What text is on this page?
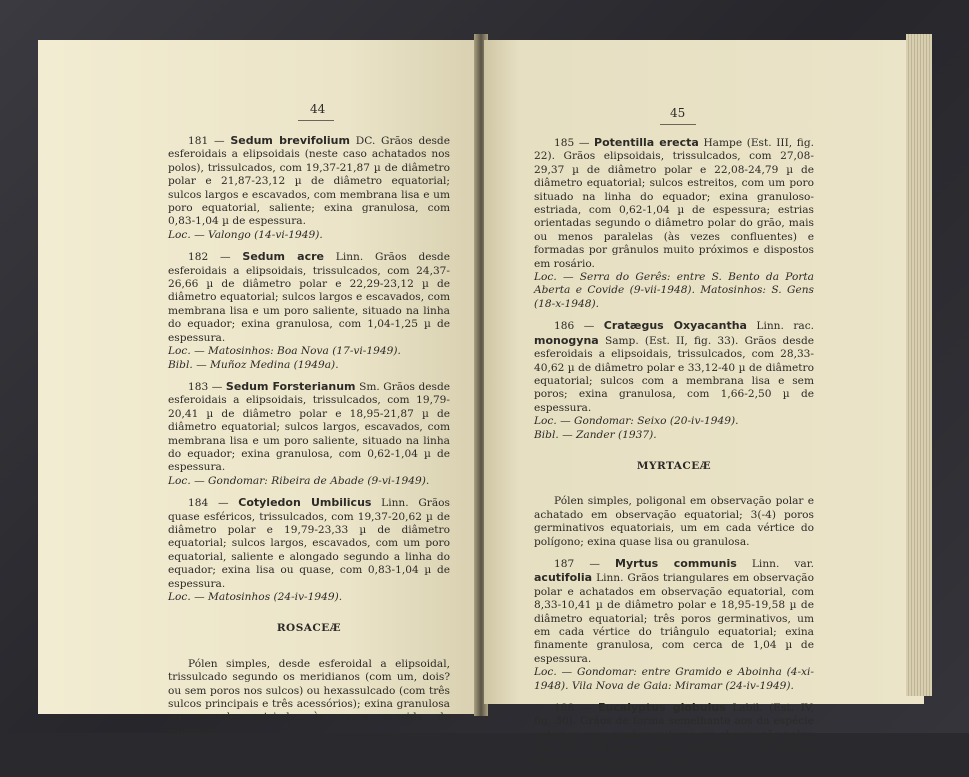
44

181 — Sedum brevifolium DC. Grãos desde esferoidais a elipsoidais (neste caso achatados nos polos), trissulcados, com 19,37-21,87 µ de diâmetro polar e 21,87-23,12 µ de diâmetro equatorial; sulcos largos e escavados, com membrana lisa e um poro equatorial, saliente; exina granulosa, com 0,83-1,04 µ de espessura.
Loc. — Valongo (14-vi-1949).

182 — Sedum acre Linn. Grãos desde esferoidais a elipsoidais, trissulcados, com 24,37-26,66 µ de diâmetro polar e 22,29-23,12 µ de diâmetro equatorial; sulcos largos e escavados, com membrana lisa e um poro saliente, situado na linha do equador; exina granulosa, com 1,04-1,25 µ de espessura.
Loc. — Matosinhos: Boa Nova (17-vi-1949).
Bibl. — Muñoz Medina (1949a).

183 — Sedum Forsterianum Sm. Grãos desde esferoidais a elipsoidais, trissulcados, com 19,79-20,41 µ de diâmetro polar e 18,95-21,87 µ de diâmetro equatorial; sulcos largos, escavados, com membrana lisa e um poro saliente, situado na linha do equador; exina granulosa, com 0,62-1,04 µ de espessura.
Loc. — Gondomar: Ribeira de Abade (9-vi-1949).

184 — Cotyledon Umbilicus Linn. Grãos quase esféricos, trissulcados, com 19,37-20,62 µ de diâmetro polar e 19,79-23,33 µ de diâmetro equatorial; sulcos largos, escavados, com um poro equatorial, saliente e alongado segundo a linha do equador; exina lisa ou quase, com 0,83-1,04 µ de espessura.
Loc. — Matosinhos (24-iv-1949).

ROSACEÆ

Pólen simples, desde esferoidal a elipsoidal, trissulcado segundo os meridianos (com um, dois? ou sem poros nos sulcos) ou hexassulcado (com três sulcos principais e três acessórios); exina granulosa ou granuloso-estriada, às vezes provida de espinhos.

45

185 — Potentilla erecta Hampe (Est. III, fig. 22). Grãos elipsoidais, trissulcados, com 27,08-29,37 µ de diâmetro polar e 22,08-24,79 µ de diâmetro equatorial; sulcos estreitos, com um poro situado na linha do equador; exina granuloso-estriada, com 0,62-1,04 µ de espessura; estrias orientadas segundo o diâmetro polar do grão, mais ou menos paralelas (às vezes confluentes) e formadas por grânulos muito próximos e dispostos em rosário.
Loc. — Serra do Gerês: entre S. Bento da Porta Aberta e Covide (9-vii-1948). Matosinhos: S. Gens (18-x-1948).

186 — Cratægus Oxyacantha Linn. rac. monogyna Samp. (Est. II, fig. 33). Grãos desde esferoidais a elipsoidais, trissulcados, com 28,33-40,62 µ de diâmetro polar e 33,12-40 µ de diâmetro equatorial; sulcos com a membrana lisa e sem poros; exina granulosa, com 1,66-2,50 µ de espessura.
Loc. — Gondomar: Seixo (20-iv-1949).
Bibl. — Zander (1937).

MYRTACEÆ

Pólen simples, poligonal em observação polar e achatado em observação equatorial; 3(-4) poros germinativos equatoriais, um em cada vértice do polígono; exina quase lisa ou granulosa.

187 — Myrtus communis Linn. var. acutifolia Linn. Grãos triangulares em observação polar e achatados em observação equatorial, com 8,33-10,41 µ de diâmetro polar e 18,95-19,58 µ de diâmetro equatorial; três poros germinativos, um em cada vértice do triângulo equatorial; exina finamente granulosa, com cerca de 1,04 µ de espessura.
Loc. — Gondomar: entre Gramido e Aboinha (4-xi-1948). Vila Nova de Gaia: Miramar (24-iv-1949).

188 — Eucalyptus globulus Labil. (Est. IV, fig. 30). Grãos de forma semelhante aos da espécie anterior, com quadrangulares em observação polar, com 20-21,66 µ de diâmetro polar e 29,16-33,95 µ de diâmetro equatorial; 3(-4)
